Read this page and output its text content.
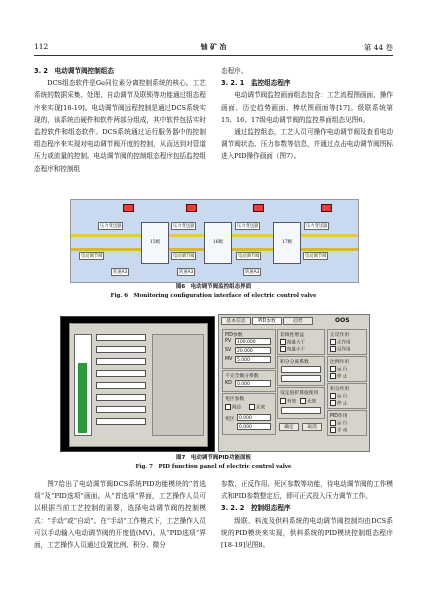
112	铀 矿 冶	第 44 卷

3. 2　电动调节阀控制组态

DCS组态软件是Ge同位素分离控制系统的核心。工艺系统的数据采集、处理、自动调节及联锁等功能通过组态程序来实现[18-19]。电动调节阀远程控制是通过DCS系统实现的，该系统由硬件和软件两部分组成，其中软件包括实时监控软件和组态软件。DCS系统通过运行服务器中的控制组态程序来实现对电动调节阀开度的控制，从而达到对管道压力或流量的控制。电动调节阀的控制组态程序包括监控组态程序和控制组

态程序。

3. 2. 1　监控组态程序

电动调节阀监控画面组态包含：工艺流程图画面、操作画面、历史趋势画面、棒状图画面等[17]。级联系统第15、16、17级电动调节阀的监控界面组态见图6。

通过监控组态，工艺人员可操作电动调节阀及查看电动调节阀状态、压力参数等信息，并通过点击电动调节阀图标进入PID操作画面（图7）。

15级	16级	17级
压力变送器	压力变送器	压力变送器	压力变送器
电动调节阀	电动调节阀	电动调节阀	电动调节阀
转速A3	转速A3	转速A3
图6　电动调节阀监控组态界面
Fig. 6　Monitoring configuration interface of electric control valve
基本信息	PID参数	趋势	OOS
PID参数
PV	100.000
SV	20.000
MV	5.000
不完全微分系数
KD	0.000
死区参数
两边	无效
死区 0.000
0.000
非线性增益
按量大于
按量小于
积分分离系数
设定值折算值使用
有效	无效
确定	取消
正反作用
正作用
反作用
比例作用
运 行
停 止
积分作用
运 行
停 止
PID作用
运 行
手 动
图7　电动调节阀PID功能面板
Fig. 7　PID function panel of electric control valve

图7给出了电动调节阀DCS系统PID功能模块的“首选项”及“PID选项”画面。从“首选项”界面，工艺操作人员可以根据当前工艺控制的需要，选择电动调节阀的控制模式：“手动”或“自动”。在“手动”工作模式下，工艺操作人员可以手动输入电动调节阀的开度值(MV)。从“PID选项”界面，工艺操作人员通过设置比例、积分、微分

参数、正反作用、死区参数等功能，待电动调节阀的工作模式和PID参数整定后，即可正式投入压力调节工作。

3. 2. 2　控制组态程序

级联、料流及供料系统的电动调节阀控制均由DCS系统的PID模块来实现，供料系统的PID模块控制组态程序[18-19]见图8。
